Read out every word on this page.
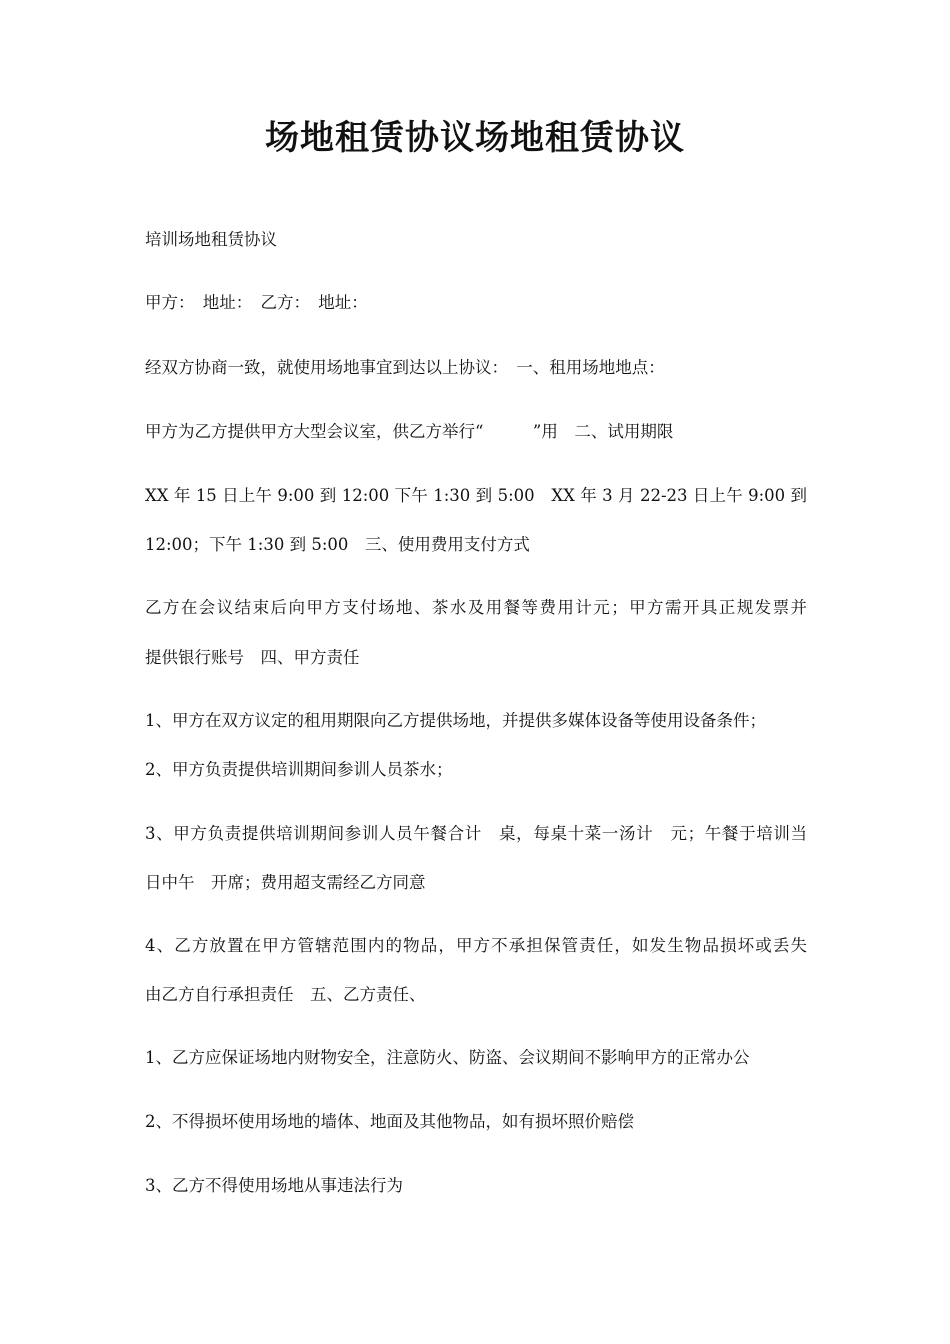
场地租赁协议场地租赁协议
培训场地租赁协议
甲方：　地址：　乙方：　地址：
经双方协商一致，就使用场地事宜到达以上协议：　一、租用场地地点：
甲方为乙方提供甲方大型会议室，供乙方举行“　　　”用　二、试用期限
XX 年 15 日上午 9:00 到 12:00 下午 1:30 到 5:00　XX 年 3 月 22-23 日上午 9:00 到
12:00；下午 1:30 到 5:00　三、使用费用支付方式
乙方在会议结束后向甲方支付场地、茶水及用餐等费用计元；甲方需开具正规发票并
提供银行账号　四、甲方责任
1、甲方在双方议定的租用期限向乙方提供场地，并提供多媒体设备等使用设备条件；
2、甲方负责提供培训期间参训人员茶水；
3、甲方负责提供培训期间参训人员午餐合计　桌，每桌十菜一汤计　元；午餐于培训当
日中午　开席；费用超支需经乙方同意
4、乙方放置在甲方管辖范围内的物品，甲方不承担保管责任，如发生物品损坏或丢失
由乙方自行承担责任　五、乙方责任、
1、乙方应保证场地内财物安全，注意防火、防盗、会议期间不影响甲方的正常办公
2、不得损坏使用场地的墙体、地面及其他物品，如有损坏照价赔偿
3、乙方不得使用场地从事违法行为
